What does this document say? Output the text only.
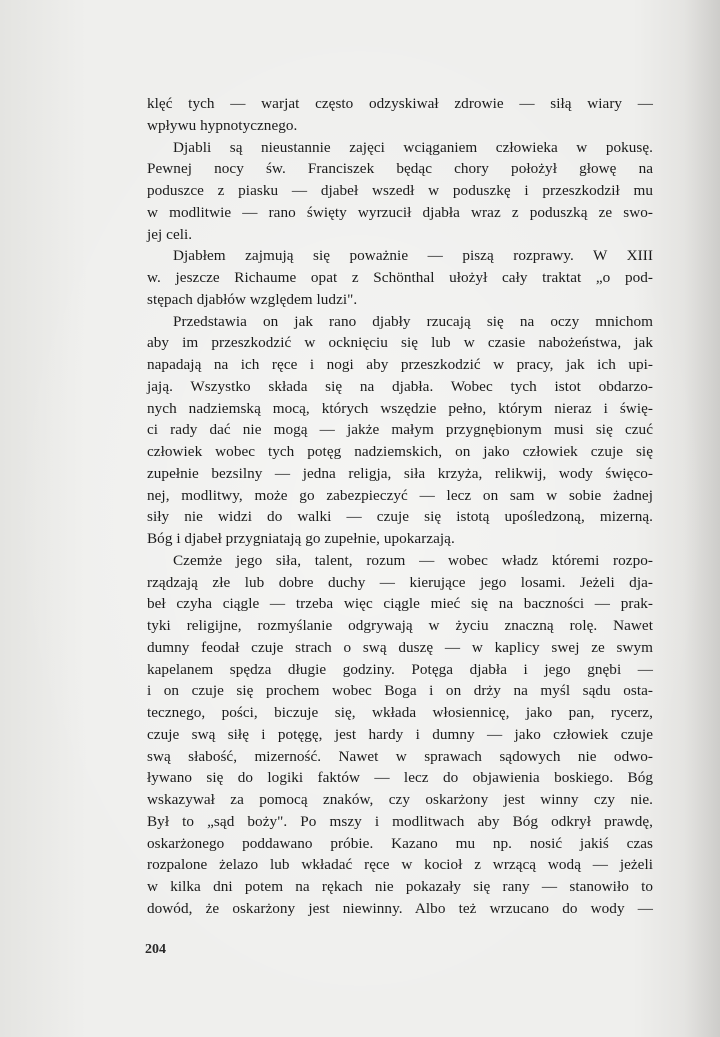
klęć tych — warjat często odzyskiwał zdrowie — siłą wiary —
wpływu hypnotycznego.
Djabli są nieustannie zajęci wciąganiem człowieka w pokusę.
Pewnej nocy św. Franciszek będąc chory położył głowę na
poduszce z piasku — djabeł wszedł w poduszkę i przeszkodził mu
w modlitwie — rano święty wyrzucił djabła wraz z poduszką ze swo-
jej celi.
Djabłem zajmują się poważnie — piszą rozprawy. W XIII
w. jeszcze Richaume opat z Schönthal ułożył cały traktat „o pod-
stępach djabłów względem ludzi".
Przedstawia on jak rano djabły rzucają się na oczy mnichom
aby im przeszkodzić w ocknięciu się lub w czasie nabożeństwa, jak
napadają na ich ręce i nogi aby przeszkodzić w pracy, jak ich upi-
jają. Wszystko składa się na djabła. Wobec tych istot obdarzo-
nych nadziemską mocą, których wszędzie pełno, którym nieraz i świę-
ci rady dać nie mogą — jakże małym przygnębionym musi się czuć
człowiek wobec tych potęg nadziemskich, on jako człowiek czuje się
zupełnie bezsilny — jedna religja, siła krzyża, relikwij, wody święco-
nej, modlitwy, może go zabezpieczyć — lecz on sam w sobie żadnej
siły nie widzi do walki — czuje się istotą upośledzoną, mizerną.
Bóg i djabeł przygniatają go zupełnie, upokarzają.
Czemże jego siła, talent, rozum — wobec władz któremi rozpo-
rządzają złe lub dobre duchy — kierujące jego losami. Jeżeli dja-
beł czyha ciągle — trzeba więc ciągle mieć się na baczności — prak-
tyki religijne, rozmyślanie odgrywają w życiu znaczną rolę. Nawet
dumny feodał czuje strach o swą duszę — w kaplicy swej ze swym
kapelanem spędza długie godziny. Potęga djabła i jego gnębi —
i on czuje się prochem wobec Boga i on drży na myśl sądu osta-
tecznego, pości, biczuje się, wkłada włosiennicę, jako pan, rycerz,
czuje swą siłę i potęgę, jest hardy i dumny — jako człowiek czuje
swą słabość, mizerność. Nawet w sprawach sądowych nie odwo-
ływano się do logiki faktów — lecz do objawienia boskiego. Bóg
wskazywał za pomocą znaków, czy oskarżony jest winny czy nie.
Był to „sąd boży". Po mszy i modlitwach aby Bóg odkrył prawdę,
oskarżonego poddawano próbie. Kazano mu np. nosić jakiś czas
rozpalone żelazo lub wkładać ręce w kocioł z wrzącą wodą — jeżeli
w kilka dni potem na rękach nie pokazały się rany — stanowiło to
dowód, że oskarżony jest niewinny. Albo też wrzucano do wody —
204
